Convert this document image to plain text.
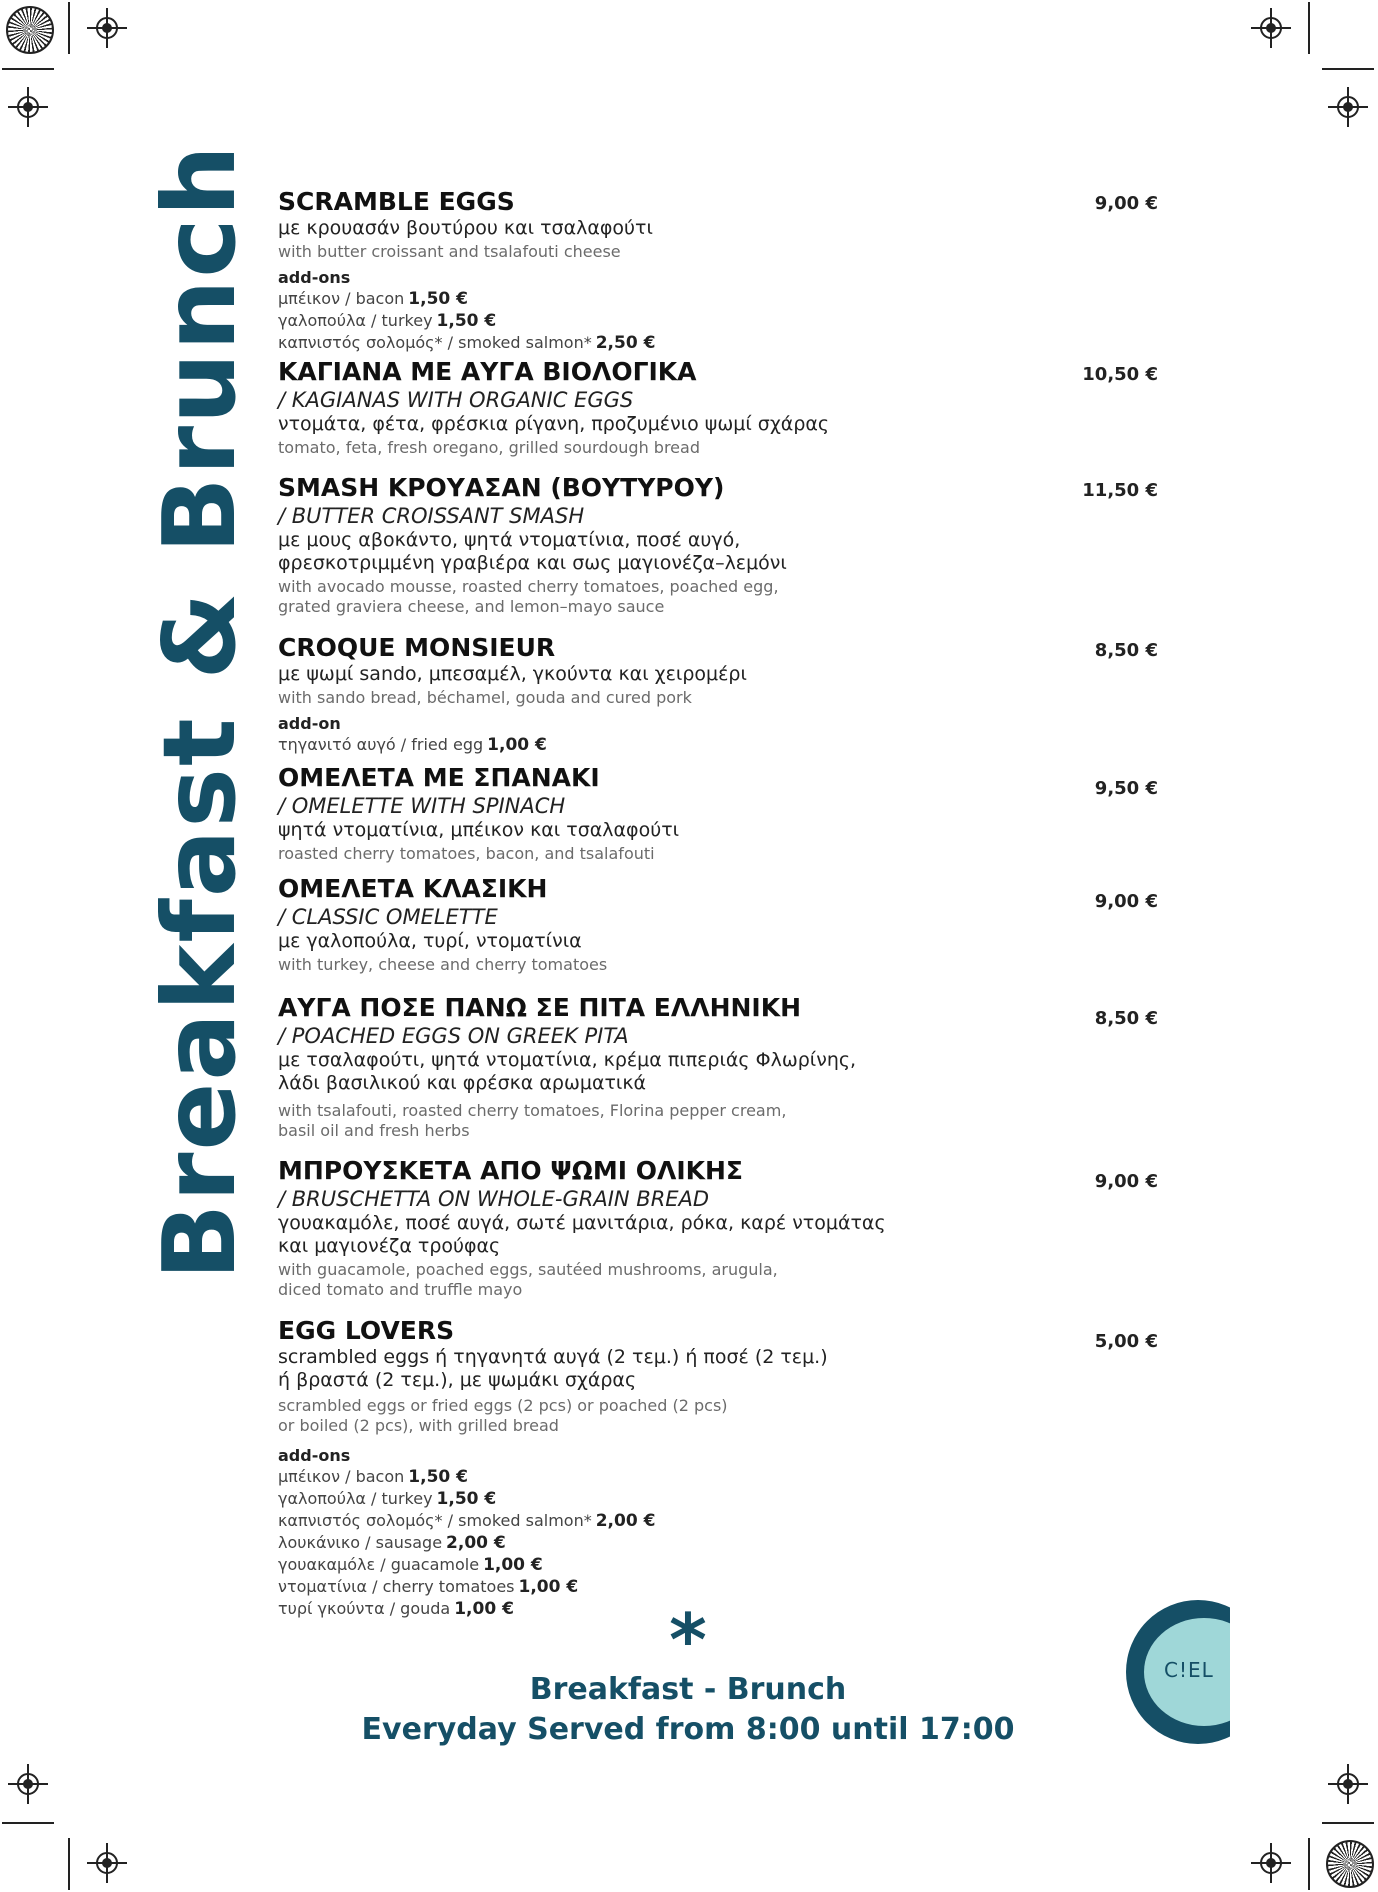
Breakfast & Brunch SCRAMBLE EGGS
με κρουασάν βουτύρου και τσαλαφούτι
with butter croissant and tsalafouti cheese
add-ons
μπέικον / bacon 1,50 €
γαλοπούλα / turkey 1,50 €
καπνιστός σολομός* / smoked salmon* 2,50 €
9,00 €
ΚΑΓΙΑΝΑ ΜΕ ΑΥΓΑ ΒΙΟΛΟΓΙΚΑ
/ KAGIANAS WITH ORGANIC EGGS
ντομάτα, φέτα, φρέσκια ρίγανη, προζυμένιο ψωμί σχάρας
tomato, feta, fresh oregano, grilled sourdough bread
10,50 €
SMASH ΚΡΟΥΑΣΑΝ (ΒΟΥΤΥΡΟΥ)
/ BUTTER CROISSANT SMASH
με μους αβοκάντο, ψητά ντοματίνια, ποσέ αυγό,
φρεσκοτριμμένη γραβιέρα και σως μαγιονέζα–λεμόνι
with avocado mousse, roasted cherry tomatoes, poached egg,
grated graviera cheese, and lemon–mayo sauce
11,50 €
CROQUE MONSIEUR
με ψωμί sando, μπεσαμέλ, γκούντα και χειρομέρι
with sando bread, béchamel, gouda and cured pork
add-on
τηγανιτό αυγό / fried egg 1,00 €
8,50 €
ΟΜΕΛΕΤΑ ΜΕ ΣΠΑΝΑΚΙ
/ OMELETTE WITH SPINACH
ψητά ντοματίνια, μπέικον και τσαλαφούτι
roasted cherry tomatoes, bacon, and tsalafouti
9,50 €
ΟΜΕΛΕΤΑ ΚΛΑΣΙΚΗ
/ CLASSIC OMELETTE
με γαλοπούλα, τυρί, ντοματίνια
with turkey, cheese and cherry tomatoes
9,00 €
ΑΥΓΑ ΠΟΣΕ ΠΑΝΩ ΣΕ ΠΙΤΑ ΕΛΛΗΝΙΚΗ
/ POACHED EGGS ON GREEK PITA
με τσαλαφούτι, ψητά ντοματίνια, κρέμα πιπεριάς Φλωρίνης,
λάδι βασιλικού και φρέσκα αρωματικά
with tsalafouti, roasted cherry tomatoes, Florina pepper cream,
basil oil and fresh herbs
8,50 €
ΜΠΡΟΥΣΚΕΤΑ ΑΠΟ ΨΩΜΙ ΟΛΙΚΗΣ
/ BRUSCHETTA ON WHOLE-GRAIN BREAD
γουακαμόλε, ποσέ αυγά, σωτέ μανιτάρια, ρόκα, καρέ ντομάτας
και μαγιονέζα τρούφας
with guacamole, poached eggs, sautéed mushrooms, arugula,
diced tomato and truffle mayo
9,00 €
EGG LOVERS
scrambled eggs ή τηγανητά αυγά (2 τεμ.) ή ποσέ (2 τεμ.)
ή βραστά (2 τεμ.), με ψωμάκι σχάρας
scrambled eggs or fried eggs (2 pcs) or poached (2 pcs)
or boiled (2 pcs), with grilled bread
add-ons
μπέικον / bacon 1,50 €
γαλοπούλα / turkey 1,50 €
καπνιστός σολομός* / smoked salmon* 2,00 €
λουκάνικο / sausage 2,00 €
γουακαμόλε / guacamole 1,00 €
ντοματίνια / cherry tomatoes 1,00 €
τυρί γκούντα / gouda 1,00 €
5,00 €
*
Breakfast - Brunch
Everyday Served from 8:00 until 17:00
C!EL
